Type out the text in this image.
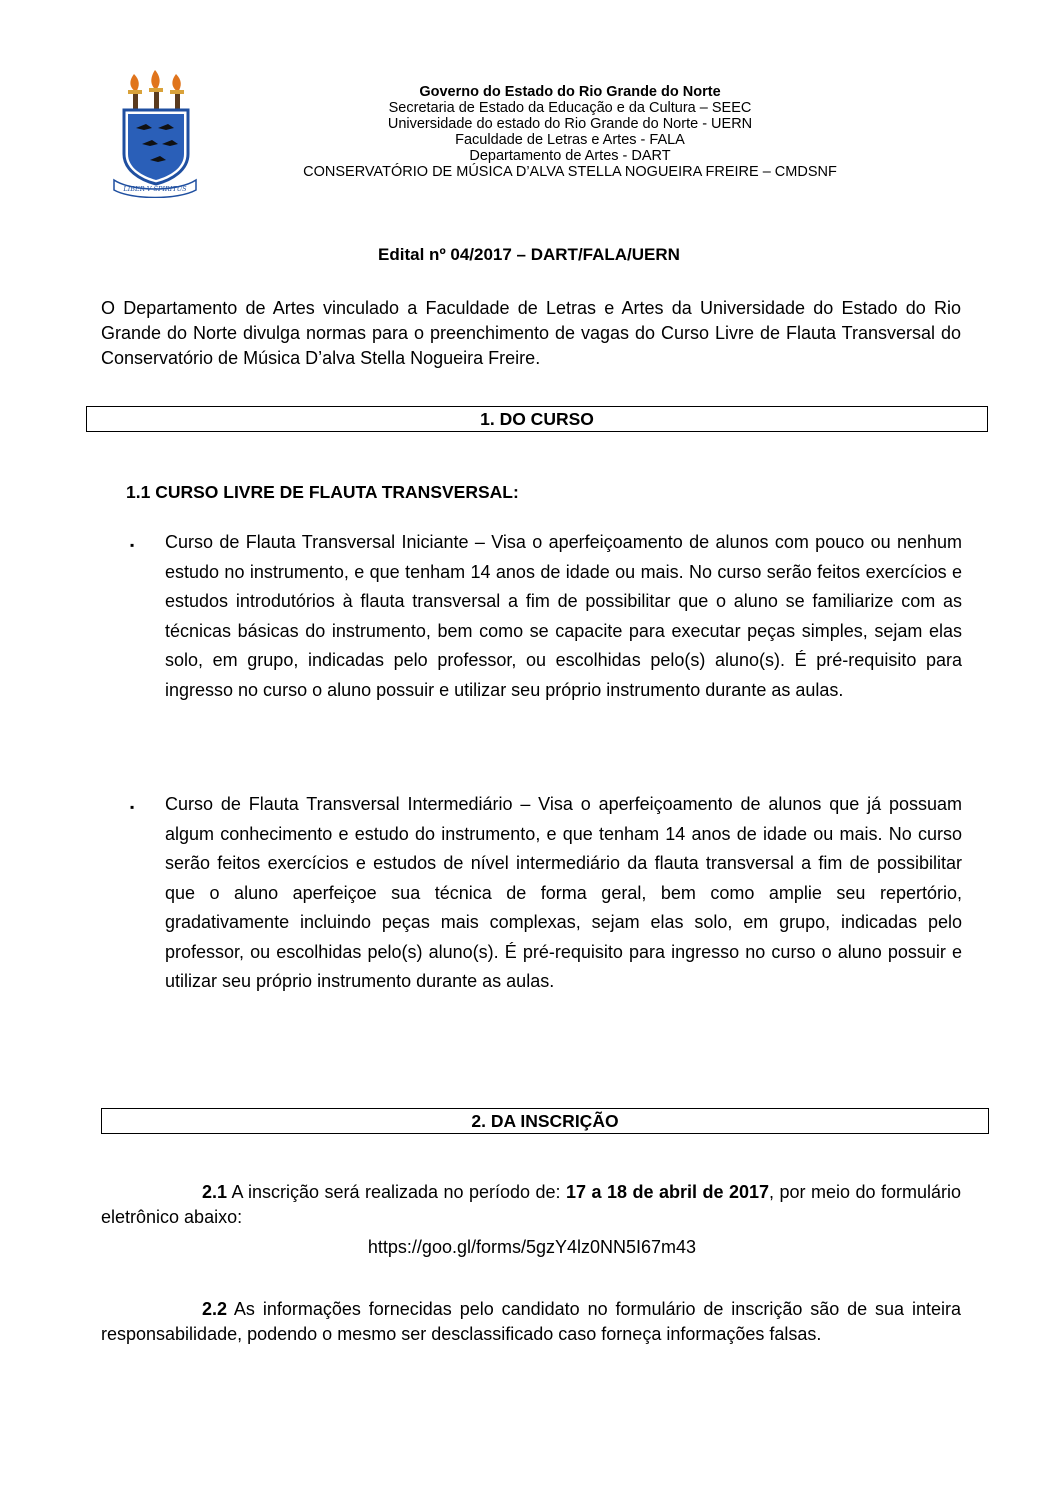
LIBER V SPIRITUS
Governo do Estado do Rio Grande do Norte
Secretaria de Estado da Educação e da Cultura – SEEC
Universidade do estado do Rio Grande do Norte - UERN
Faculdade de Letras e Artes - FALA
Departamento de Artes - DART
CONSERVATÓRIO DE MÚSICA D’ALVA STELLA NOGUEIRA FREIRE – CMDSNF
Edital nº 04/2017 – DART/FALA/UERN
O Departamento de Artes vinculado a Faculdade de Letras e Artes da Universidade do Estado do Rio Grande do Norte divulga normas para o preenchimento de vagas do Curso Livre de Flauta Transversal do Conservatório de Música D’alva Stella Nogueira Freire.
1. DO CURSO
1.1 CURSO LIVRE DE FLAUTA TRANSVERSAL:
▪ Curso de Flauta Transversal Iniciante – Visa o aperfeiçoamento de alunos com pouco ou nenhum estudo no instrumento, e que tenham 14 anos de idade ou mais. No curso serão feitos exercícios e estudos introdutórios à flauta transversal a fim de possibilitar que o aluno se familiarize com as técnicas básicas do instrumento, bem como se capacite para executar peças simples, sejam elas solo, em grupo, indicadas pelo professor, ou escolhidas pelo(s) aluno(s). É pré-requisito para ingresso no curso o aluno possuir e utilizar seu próprio instrumento durante as aulas.
▪ Curso de Flauta Transversal Intermediário – Visa o aperfeiçoamento de alunos que já possuam algum conhecimento e estudo do instrumento, e que tenham 14 anos de idade ou mais. No curso serão feitos exercícios e estudos de nível intermediário da flauta transversal a fim de possibilitar que o aluno aperfeiçoe sua técnica de forma geral, bem como amplie seu repertório, gradativamente incluindo peças mais complexas, sejam elas solo, em grupo, indicadas pelo professor, ou escolhidas pelo(s) aluno(s). É pré-requisito para ingresso no curso o aluno possuir e utilizar seu próprio instrumento durante as aulas.
2. DA INSCRIÇÃO
2.1 A inscrição será realizada no período de: 17 a 18 de abril de 2017, por meio do formulário eletrônico abaixo:
https://goo.gl/forms/5gzY4lz0NN5I67m43
2.2 As informações fornecidas pelo candidato no formulário de inscrição são de sua inteira responsabilidade, podendo o mesmo ser desclassificado caso forneça informações falsas.
